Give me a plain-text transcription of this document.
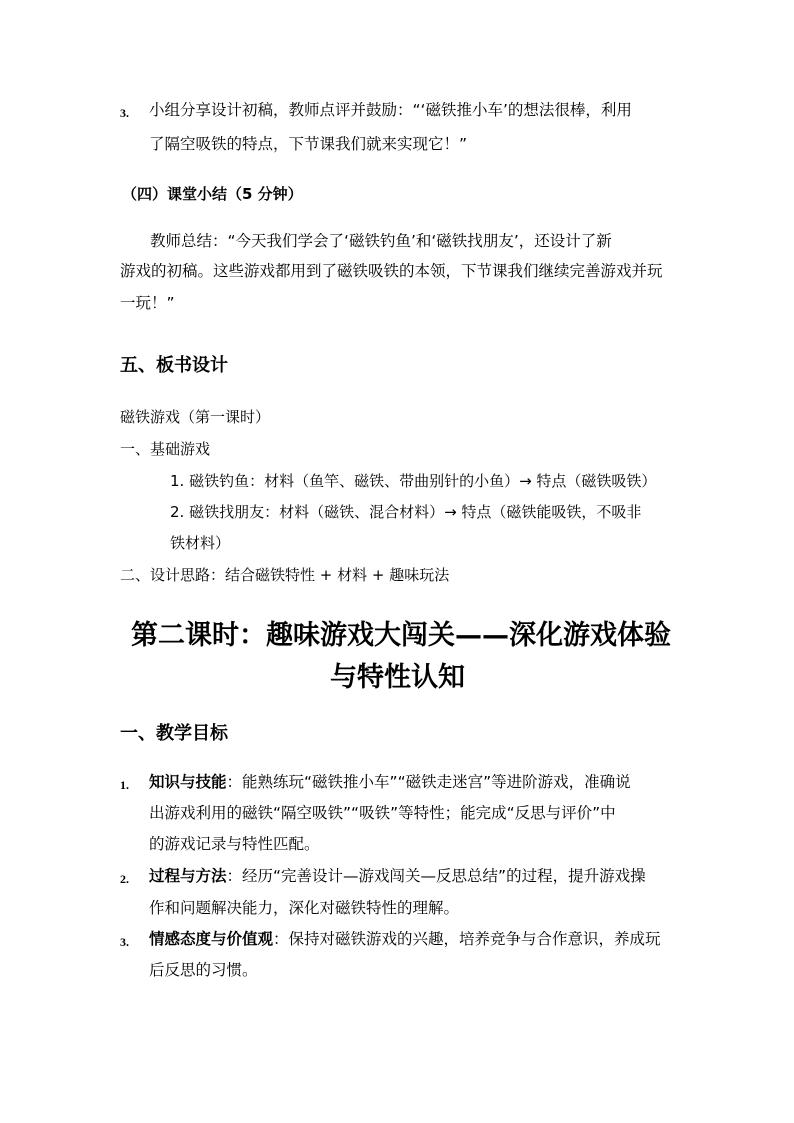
3. 小组分享设计初稿，教师点评并鼓励：“‘磁铁推小车’的想法很棒，利用
了隔空吸铁的特点，下节课我们就来实现它！”
（四）课堂小结（5 分钟）
教师总结：“今天我们学会了‘磁铁钓鱼’和‘磁铁找朋友’，还设计了新
游戏的初稿。这些游戏都用到了磁铁吸铁的本领，下节课我们继续完善游戏并玩
一玩！”
五、板书设计
磁铁游戏（第一课时）
一、基础游戏
1. 磁铁钓鱼：材料（鱼竿、磁铁、带曲别针的小鱼）→ 特点（磁铁吸铁）
2. 磁铁找朋友：材料（磁铁、混合材料）→ 特点（磁铁能吸铁，不吸非
铁材料）
二、设计思路：结合磁铁特性 + 材料 + 趣味玩法
第二课时：趣味游戏大闯关——深化游戏体验
与特性认知
一、教学目标
1. 知识与技能：能熟练玩“磁铁推小车”“磁铁走迷宫”等进阶游戏，准确说
出游戏利用的磁铁“隔空吸铁”“吸铁”等特性；能完成“反思与评价”中
的游戏记录与特性匹配。
2. 过程与方法：经历“完善设计—游戏闯关—反思总结”的过程，提升游戏操
作和问题解决能力，深化对磁铁特性的理解。
3. 情感态度与价值观：保持对磁铁游戏的兴趣，培养竞争与合作意识，养成玩
后反思的习惯。
